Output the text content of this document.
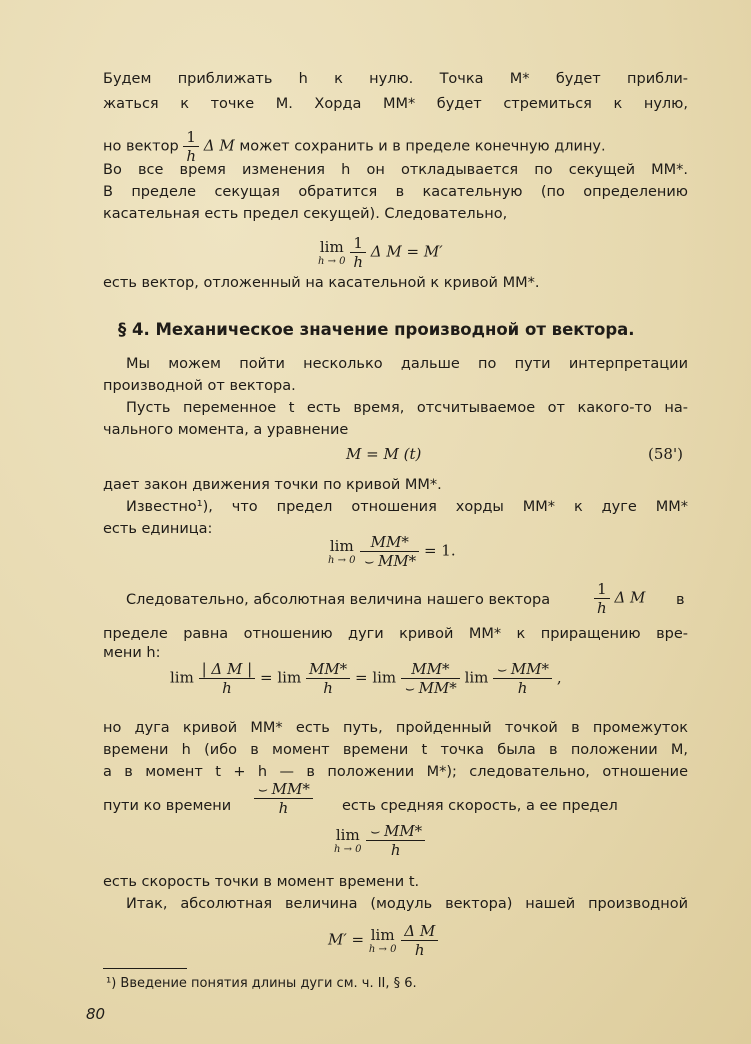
Будем приближать h к нулю. Точка M* будет прибли-
жаться к точке M. Хорда MM* будет стремиться к нулю,
но вектор $\frac{1}{h}$ Δ M может сохранить и в пределе конечную длину.
Во все время изменения h он откладывается по секущей MM*.
В пределе секущая обратится в касательную (по определению
касательная есть предел секущей). Следовательно,
lim
h → 0
$\frac{1}{h}$ Δ M = M′
есть вектор, отложенный на касательной к кривой MM*.
§ 4. Механическое значение производной от вектора.
Мы можем пойти несколько дальше по пути интерпретации
производной от вектора.
Пусть переменное t есть время, отсчитываемое от какого-то на-
чального момента, а уравнение
M = M (t)	(58')
дает закон движения точки по кривой MM*.
Известно¹), что предел отношения хорды MM* к дуге MM*
есть единица:
lim
h → 0
$\frac{MM*}{⌣ MM*} = 1$.
Следовательно, абсолютная величина нашего вектора	$\frac{1}{h}$ Δ M в
пределе равна отношению дуги кривой MM* к приращению вре-
мени h:
$\lim \frac{\text{| Δ M |}}{h} = \lim \frac{MM*}{h} = \lim \frac{MM*}{⌣ MM*}$ $\lim \frac{⌣ MM*}{h}$ ,
но дуга кривой MM* есть путь, пройденный точкой в промежуток
времени h (ибо в момент времени t точка была в положении M,
а в момент t + h — в положении M*); следовательно, отношение
пути ко времени $\frac{⌣ MM*}{h}$ есть средняя скорость, а ее предел
lim
h → 0
$\frac{⌣ MM*}{h}$
есть скорость точки в момент времени t.
Итак, абсолютная величина (модуль вектора) нашей производной
M′ = lim
h → 0
$\frac{\text{Δ M}}{h}$
¹) Введение понятия длины дуги см. ч. II, § 6.
80
